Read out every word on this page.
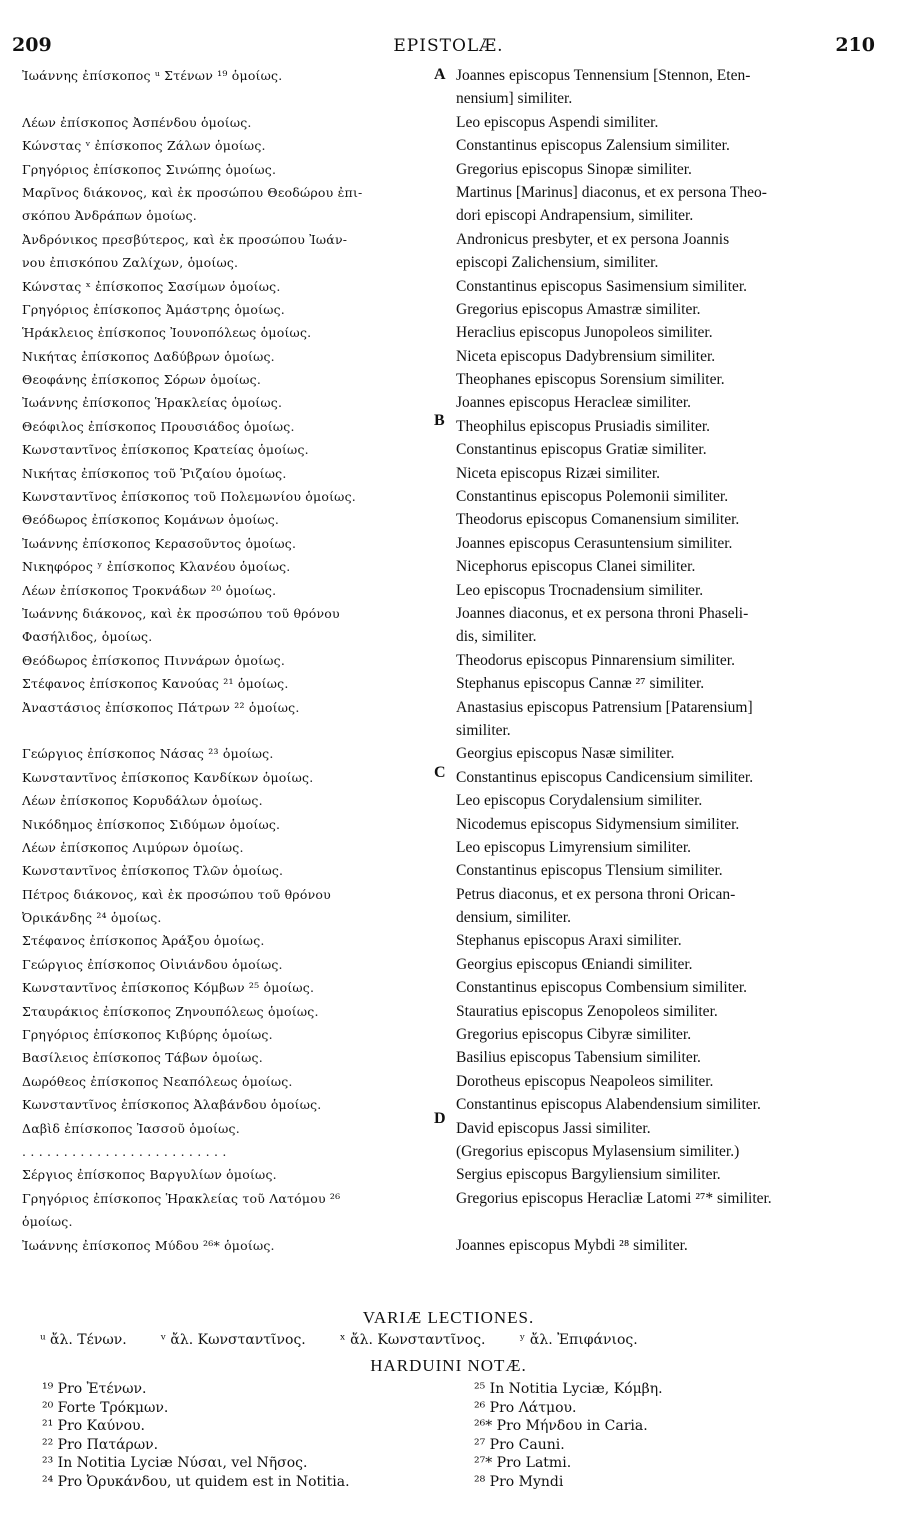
209	EPISTOLÆ.	210
A
B
C
D
Ἰωάννης ἐπίσκοπος ᵘ Στένων ¹⁹ ὁμοίως.
Λέων ἐπίσκοπος Ἀσπένδου ὁμοίως.
Κώνστας ᵛ ἐπίσκοπος Ζάλων ὁμοίως.
Γρηγόριος ἐπίσκοπος Σινώπης ὁμοίως.
Μαρῖνος διάκονος, καὶ ἐκ προσώπου Θεοδώρου ἐπι-
σκόπου Ἀνδράπων ὁμοίως.
Ἀνδρόνικος πρεσβύτερος, καὶ ἐκ προσώπου Ἰωάν-
νου ἐπισκόπου Ζαλίχων, ὁμοίως.
Κώνστας ˣ ἐπίσκοπος Σασίμων ὁμοίως.
Γρηγόριος ἐπίσκοπος Ἀμάστρης ὁμοίως.
Ἡράκλειος ἐπίσκοπος Ἰουνοπόλεως ὁμοίως.
Νικήτας ἐπίσκοπος Δαδύβρων ὁμοίως.
Θεοφάνης ἐπίσκοπος Σόρων ὁμοίως.
Ἰωάννης ἐπίσκοπος Ἡρακλείας ὁμοίως.
Θεόφιλος ἐπίσκοπος Προυσιάδος ὁμοίως.
Κωνσταντῖνος ἐπίσκοπος Κρατείας ὁμοίως.
Νικήτας ἐπίσκοπος τοῦ Ῥιζαίου ὁμοίως.
Κωνσταντῖνος ἐπίσκοπος τοῦ Πολεμωνίου ὁμοίως.
Θεόδωρος ἐπίσκοπος Κομάνων ὁμοίως.
Ἰωάννης ἐπίσκοπος Κερασοῦντος ὁμοίως.
Νικηφόρος ʸ ἐπίσκοπος Κλανέου ὁμοίως.
Λέων ἐπίσκοπος Τροκνάδων ²⁰ ὁμοίως.
Ἰωάννης διάκονος, καὶ ἐκ προσώπου τοῦ θρόνου
Φασήλιδος, ὁμοίως.
Θεόδωρος ἐπίσκοπος Πιννάρων ὁμοίως.
Στέφανος ἐπίσκοπος Κανούας ²¹ ὁμοίως.
Ἀναστάσιος ἐπίσκοπος Πάτρων ²² ὁμοίως.
Γεώργιος ἐπίσκοπος Νάσας ²³ ὁμοίως.
Κωνσταντῖνος ἐπίσκοπος Κανδίκων ὁμοίως.
Λέων ἐπίσκοπος Κορυδάλων ὁμοίως.
Νικόδημος ἐπίσκοπος Σιδύμων ὁμοίως.
Λέων ἐπίσκοπος Λιμύρων ὁμοίως.
Κωνσταντῖνος ἐπίσκοπος Τλῶν ὁμοίως.
Πέτρος διάκονος, καὶ ἐκ προσώπου τοῦ θρόνου
Ὀρικάνδης ²⁴ ὁμοίως.
Στέφανος ἐπίσκοπος Ἀράξου ὁμοίως.
Γεώργιος ἐπίσκοπος Οἰνιάνδου ὁμοίως.
Κωνσταντῖνος ἐπίσκοπος Κόμβων ²⁵ ὁμοίως.
Σταυράκιος ἐπίσκοπος Ζηνουπόλεως ὁμοίως.
Γρηγόριος ἐπίσκοπος Κιβύρης ὁμοίως.
Βασίλειος ἐπίσκοπος Τάβων ὁμοίως.
Δωρόθεος ἐπίσκοπος Νεαπόλεως ὁμοίως.
Κωνσταντῖνος ἐπίσκοπος Ἀλαβάνδου ὁμοίως.
Δαβὶδ ἐπίσκοπος Ἰασσοῦ ὁμοίως.
. . . . . . . . . . . . . . . . . . . . . . . . .
Σέργιος ἐπίσκοπος Βαργυλίων ὁμοίως.
Γρηγόριος ἐπίσκοπος Ἡρακλείας τοῦ Λατόμου ²⁶
ὁμοίως.
Ἰωάννης ἐπίσκοπος Μύδου ²⁶* ὁμοίως.
Joannes episcopus Tennensium [Stennon, Eten-
nensium] similiter.
Leo episcopus Aspendi similiter.
Constantinus episcopus Zalensium similiter.
Gregorius episcopus Sinopæ similiter.
Martinus [Marinus] diaconus, et ex persona Theo-
dori episcopi Andrapensium, similiter.
Andronicus presbyter, et ex persona Joannis
episcopi Zalichensium, similiter.
Constantinus episcopus Sasimensium similiter.
Gregorius episcopus Amastræ similiter.
Heraclius episcopus Junopoleos similiter.
Niceta episcopus Dadybrensium similiter.
Theophanes episcopus Sorensium similiter.
Joannes episcopus Heracleæ similiter.
Theophilus episcopus Prusiadis similiter.
Constantinus episcopus Gratiæ similiter.
Niceta episcopus Rizæi similiter.
Constantinus episcopus Polemonii similiter.
Theodorus episcopus Comanensium similiter.
Joannes episcopus Cerasuntensium similiter.
Nicephorus episcopus Clanei similiter.
Leo episcopus Trocnadensium similiter.
Joannes diaconus, et ex persona throni Phaseli-
dis, similiter.
Theodorus episcopus Pinnarensium similiter.
Stephanus episcopus Cannæ ²⁷ similiter.
Anastasius episcopus Patrensium [Patarensium]
similiter.
Georgius episcopus Nasæ similiter.
Constantinus episcopus Candicensium similiter.
Leo episcopus Corydalensium similiter.
Nicodemus episcopus Sidymensium similiter.
Leo episcopus Limyrensium similiter.
Constantinus episcopus Tlensium similiter.
Petrus diaconus, et ex persona throni Orican-
densium, similiter.
Stephanus episcopus Araxi similiter.
Georgius episcopus Œniandi similiter.
Constantinus episcopus Combensium similiter.
Stauratius episcopus Zenopoleos similiter.
Gregorius episcopus Cibyræ similiter.
Basilius episcopus Tabensium similiter.
Dorotheus episcopus Neapoleos similiter.
Constantinus episcopus Alabendensium similiter.
David episcopus Jassi similiter.
(Gregorius episcopus Mylasensium similiter.)
Sergius episcopus Bargyliensium similiter.
Gregorius episcopus Heracliæ Latomi ²⁷* similiter.
Joannes episcopus Mybdi ²⁸ similiter.
VARIÆ LECTIONES.
ᵘ ἄλ. Τένων. ᵛ ἄλ. Κωνσταντῖνος. ˣ ἄλ. Κωνσταντῖνος. ʸ ἄλ. Ἐπιφάνιος.
HARDUINI NOTÆ.
¹⁹ Pro Ἐτένων.
²⁰ Forte Τρόκμων.
²¹ Pro Καύνου.
²² Pro Πατάρων.
²³ In Notitia Lyciæ Νύσαι, vel Νῆσος.
²⁴ Pro Ὀρυκάνδου, ut quidem est in Notitia.
²⁵ In Notitia Lyciæ, Κόμβη.
²⁶ Pro Λάτμου.
²⁶* Pro Μήνδου in Caria.
²⁷ Pro Cauni.
²⁷* Pro Latmi.
²⁸ Pro Myndi
